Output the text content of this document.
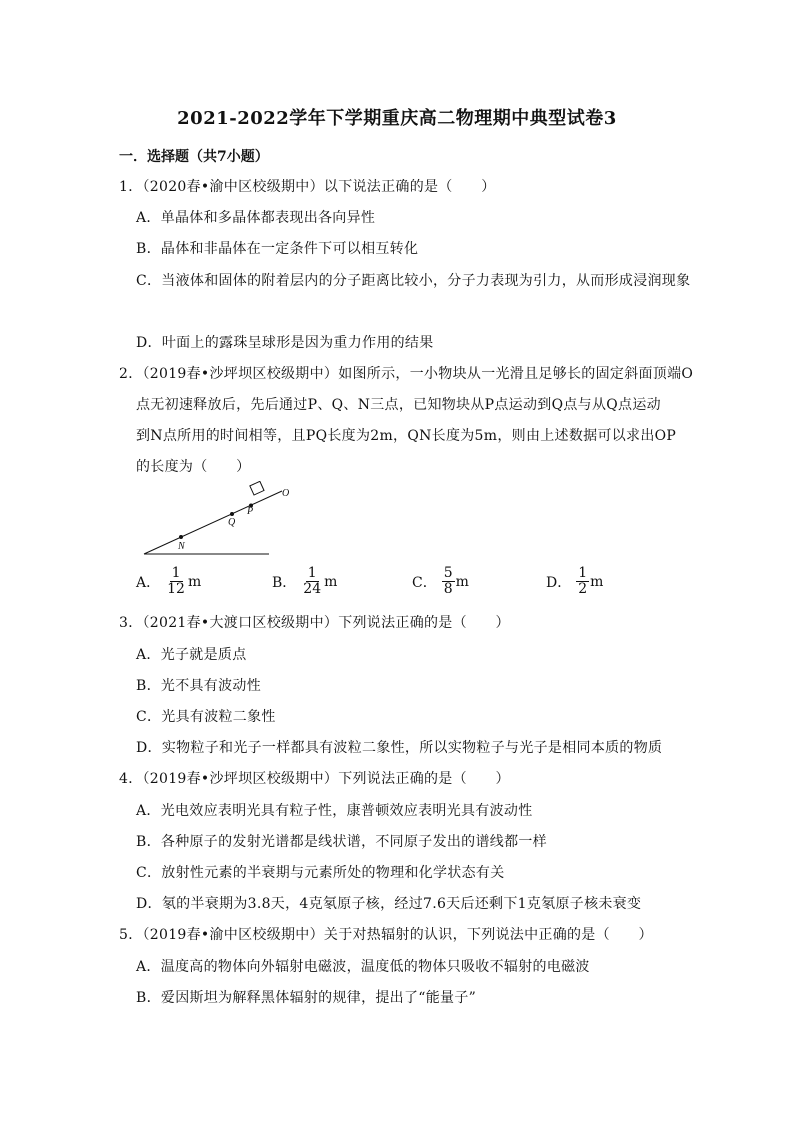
2021-2022学年下学期重庆高二物理期中典型试卷3
一．选择题（共7小题）
1．（2020春•渝中区校级期中）以下说法正确的是（　　）
A．单晶体和多晶体都表现出各向异性
B．晶体和非晶体在一定条件下可以相互转化
C．当液体和固体的附着层内的分子距离比较小，分子力表现为引力，从而形成浸润现象
D．叶面上的露珠呈球形是因为重力作用的结果
2．（2019春•沙坪坝区校级期中）如图所示，一小物块从一光滑且足够长的固定斜面顶端O
点无初速释放后，先后通过P、Q、N三点，已知物块从P点运动到Q点与从Q点运动
到N点所用的时间相等，且PQ长度为2m，QN长度为5m，则由上述数据可以求出OP
的长度为（　　）
O
P
Q
N
A． $\frac{1}{12}$ m	B． $\frac{1}{24}$ m	C． $\frac{5}{8}$ m	D． $\frac{1}{2}$ m
3．（2021春•大渡口区校级期中）下列说法正确的是（　　）
A．光子就是质点
B．光不具有波动性
C．光具有波粒二象性
D．实物粒子和光子一样都具有波粒二象性，所以实物粒子与光子是相同本质的物质
4．（2019春•沙坪坝区校级期中）下列说法正确的是（　　）
A．光电效应表明光具有粒子性，康普顿效应表明光具有波动性
B．各种原子的发射光谱都是线状谱，不同原子发出的谱线都一样
C．放射性元素的半衰期与元素所处的物理和化学状态有关
D．氡的半衰期为3.8天，4克氡原子核，经过7.6天后还剩下1克氡原子核未衰变
5．（2019春•渝中区校级期中）关于对热辐射的认识，下列说法中正确的是（　　）
A．温度高的物体向外辐射电磁波，温度低的物体只吸收不辐射的电磁波
B．爱因斯坦为解释黑体辐射的规律，提出了“能量子”
